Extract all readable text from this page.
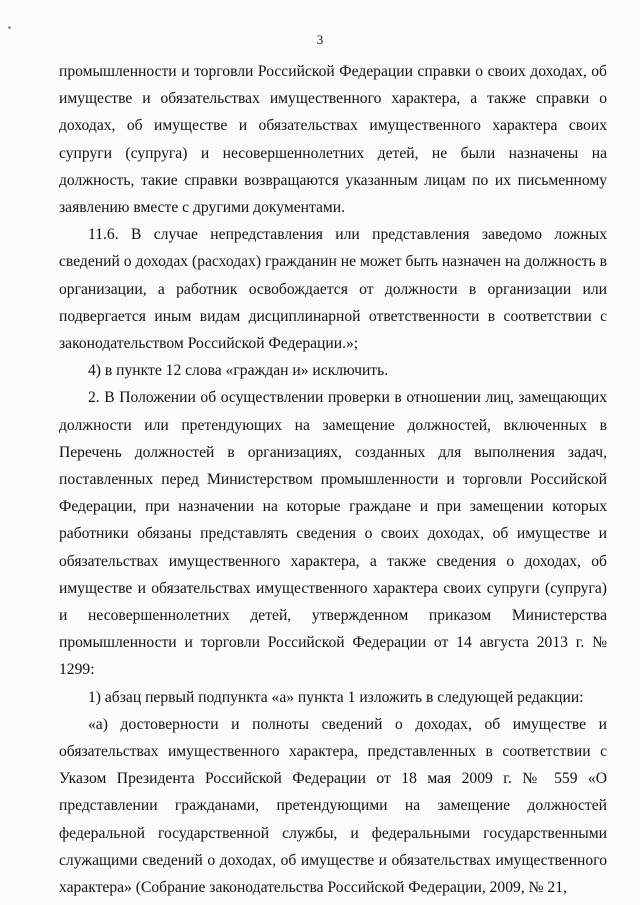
3

промышленности и торговли Российской Федерации справки о своих доходах, об имуществе и обязательствах имущественного характера, а также справки о доходах, об имуществе и обязательствах имущественного характера своих супруги (супруга) и несовершеннолетних детей, не были назначены на должность, такие справки возвращаются указанным лицам по их письменному заявлению вместе с другими документами.

11.6. В случае непредставления или представления заведомо ложных сведений о доходах (расходах) гражданин не может быть назначен на должность в организации, а работник освобождается от должности в организации или подвергается иным видам дисциплинарной ответственности в соответствии с законодательством Российской Федерации.»;

4) в пункте 12 слова «граждан и» исключить.

2. В Положении об осуществлении проверки в отношении лиц, замещающих должности или претендующих на замещение должностей, включенных в Перечень должностей в организациях, созданных для выполнения задач, поставленных перед Министерством промышленности и торговли Российской Федерации, при назначении на которые граждане и при замещении которых работники обязаны представлять сведения о своих доходах, об имуществе и обязательствах имущественного характера, а также сведения о доходах, об имуществе и обязательствах имущественного характера своих супруги (супруга) и несовершеннолетних детей, утвержденном приказом Министерства промышленности и торговли Российской Федерации от 14 августа 2013 г. № 1299:

1) абзац первый подпункта «а» пункта 1 изложить в следующей редакции:

«а) достоверности и полноты сведений о доходах, об имуществе и обязательствах имущественного характера, представленных в соответствии с Указом Президента Российской Федерации от 18 мая 2009 г. № 559 «О представлении гражданами, претендующими на замещение должностей федеральной государственной службы, и федеральными государственными служащими сведений о доходах, об имуществе и обязательствах имущественного характера» (Собрание законодательства Российской Федерации, 2009, № 21,
